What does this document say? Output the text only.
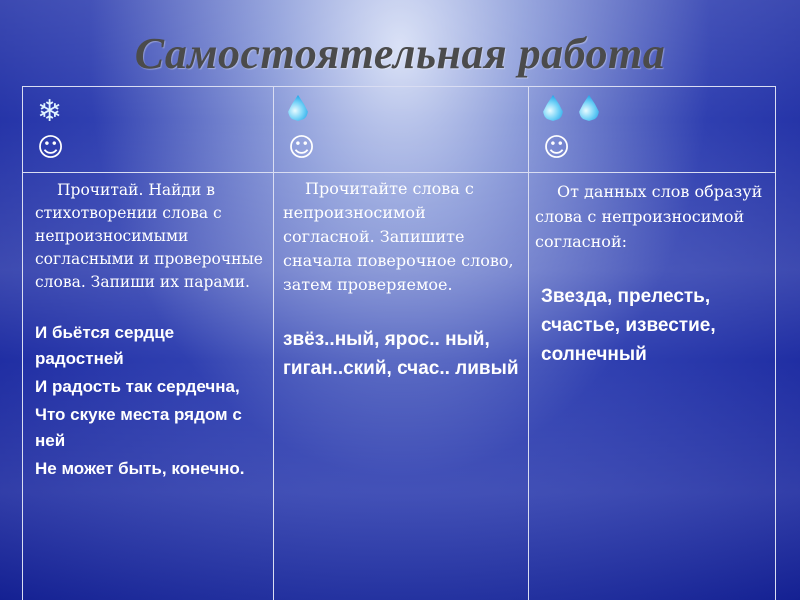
Самостоятельная работа
❄
☺	☺	☺
Прочитай. Найди в стихотворении слова с непроизносимыми согласными и проверочные слова. Запиши их парами.
И бьётся сердце радостней
И радость так сердечна,
Что скуке места рядом с ней
Не может быть, конечно.
Прочитайте слова с непроизносимой согласной. Запишите сначала поверочное слово, затем проверяемое.
звёз..ный, ярос.. ный,
гиган..ский, счас.. ливый
От данных слов образуй слова с непроизносимой согласной:
Звезда, прелесть, счастье, известие, солнечный
